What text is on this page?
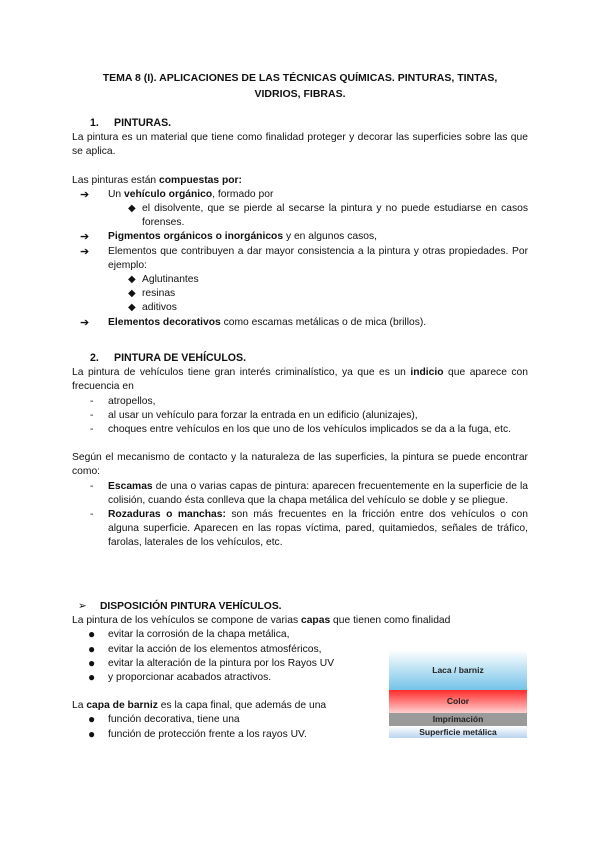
TEMA 8 (I). APLICACIONES DE LAS TÉCNICAS QUÍMICAS. PINTURAS, TINTAS, VIDRIOS, FIBRAS.
1. PINTURAS.

La pintura es un material que tiene como finalidad proteger y decorar las superficies sobre las que se aplica.

Las pinturas están compuestas por:

➔ Un vehículo orgánico, formado por
◆ el disolvente, que se pierde al secarse la pintura y no puede estudiarse en casos forenses.
➔ Pigmentos orgánicos o inorgánicos y en algunos casos,
➔ Elementos que contribuyen a dar mayor consistencia a la pintura y otras propiedades. Por ejemplo:
◆ Aglutinantes
◆ resinas
◆ aditivos
➔ Elementos decorativos como escamas metálicas o de mica (brillos).
2. PINTURA DE VEHÍCULOS.

La pintura de vehículos tiene gran interés criminalístico, ya que es un indicio que aparece con frecuencia en

- atropellos,
- al usar un vehículo para forzar la entrada en un edificio (alunizajes),
- choques entre vehículos en los que uno de los vehículos implicados se da a la fuga, etc.

Según el mecanismo de contacto y la naturaleza de las superficies, la pintura se puede encontrar como:

- Escamas de una o varias capas de pintura: aparecen frecuentemente en la superficie de la colisión, cuando ésta conlleva que la chapa metálica del vehículo se doble y se pliegue.
- Rozaduras o manchas: son más frecuentes en la fricción entre dos vehículos o con alguna superficie. Aparecen en las ropas víctima, pared, quitamiedos, señales de tráfico, farolas, laterales de los vehículos, etc.

➢ DISPOSICIÓN PINTURA VEHÍCULOS.

La pintura de los vehículos se compone de varias capas que tienen como finalidad

● evitar la corrosión de la chapa metálica,
● evitar la acción de los elementos atmosféricos,
● evitar la alteración de la pintura por los Rayos UV
● y proporcionar acabados atractivos.

La capa de barniz es la capa final, que además de una

● función decorativa, tiene una
● función de protección frente a los rayos UV.
Laca / barniz
Color
Imprimación
Superficie metálica
